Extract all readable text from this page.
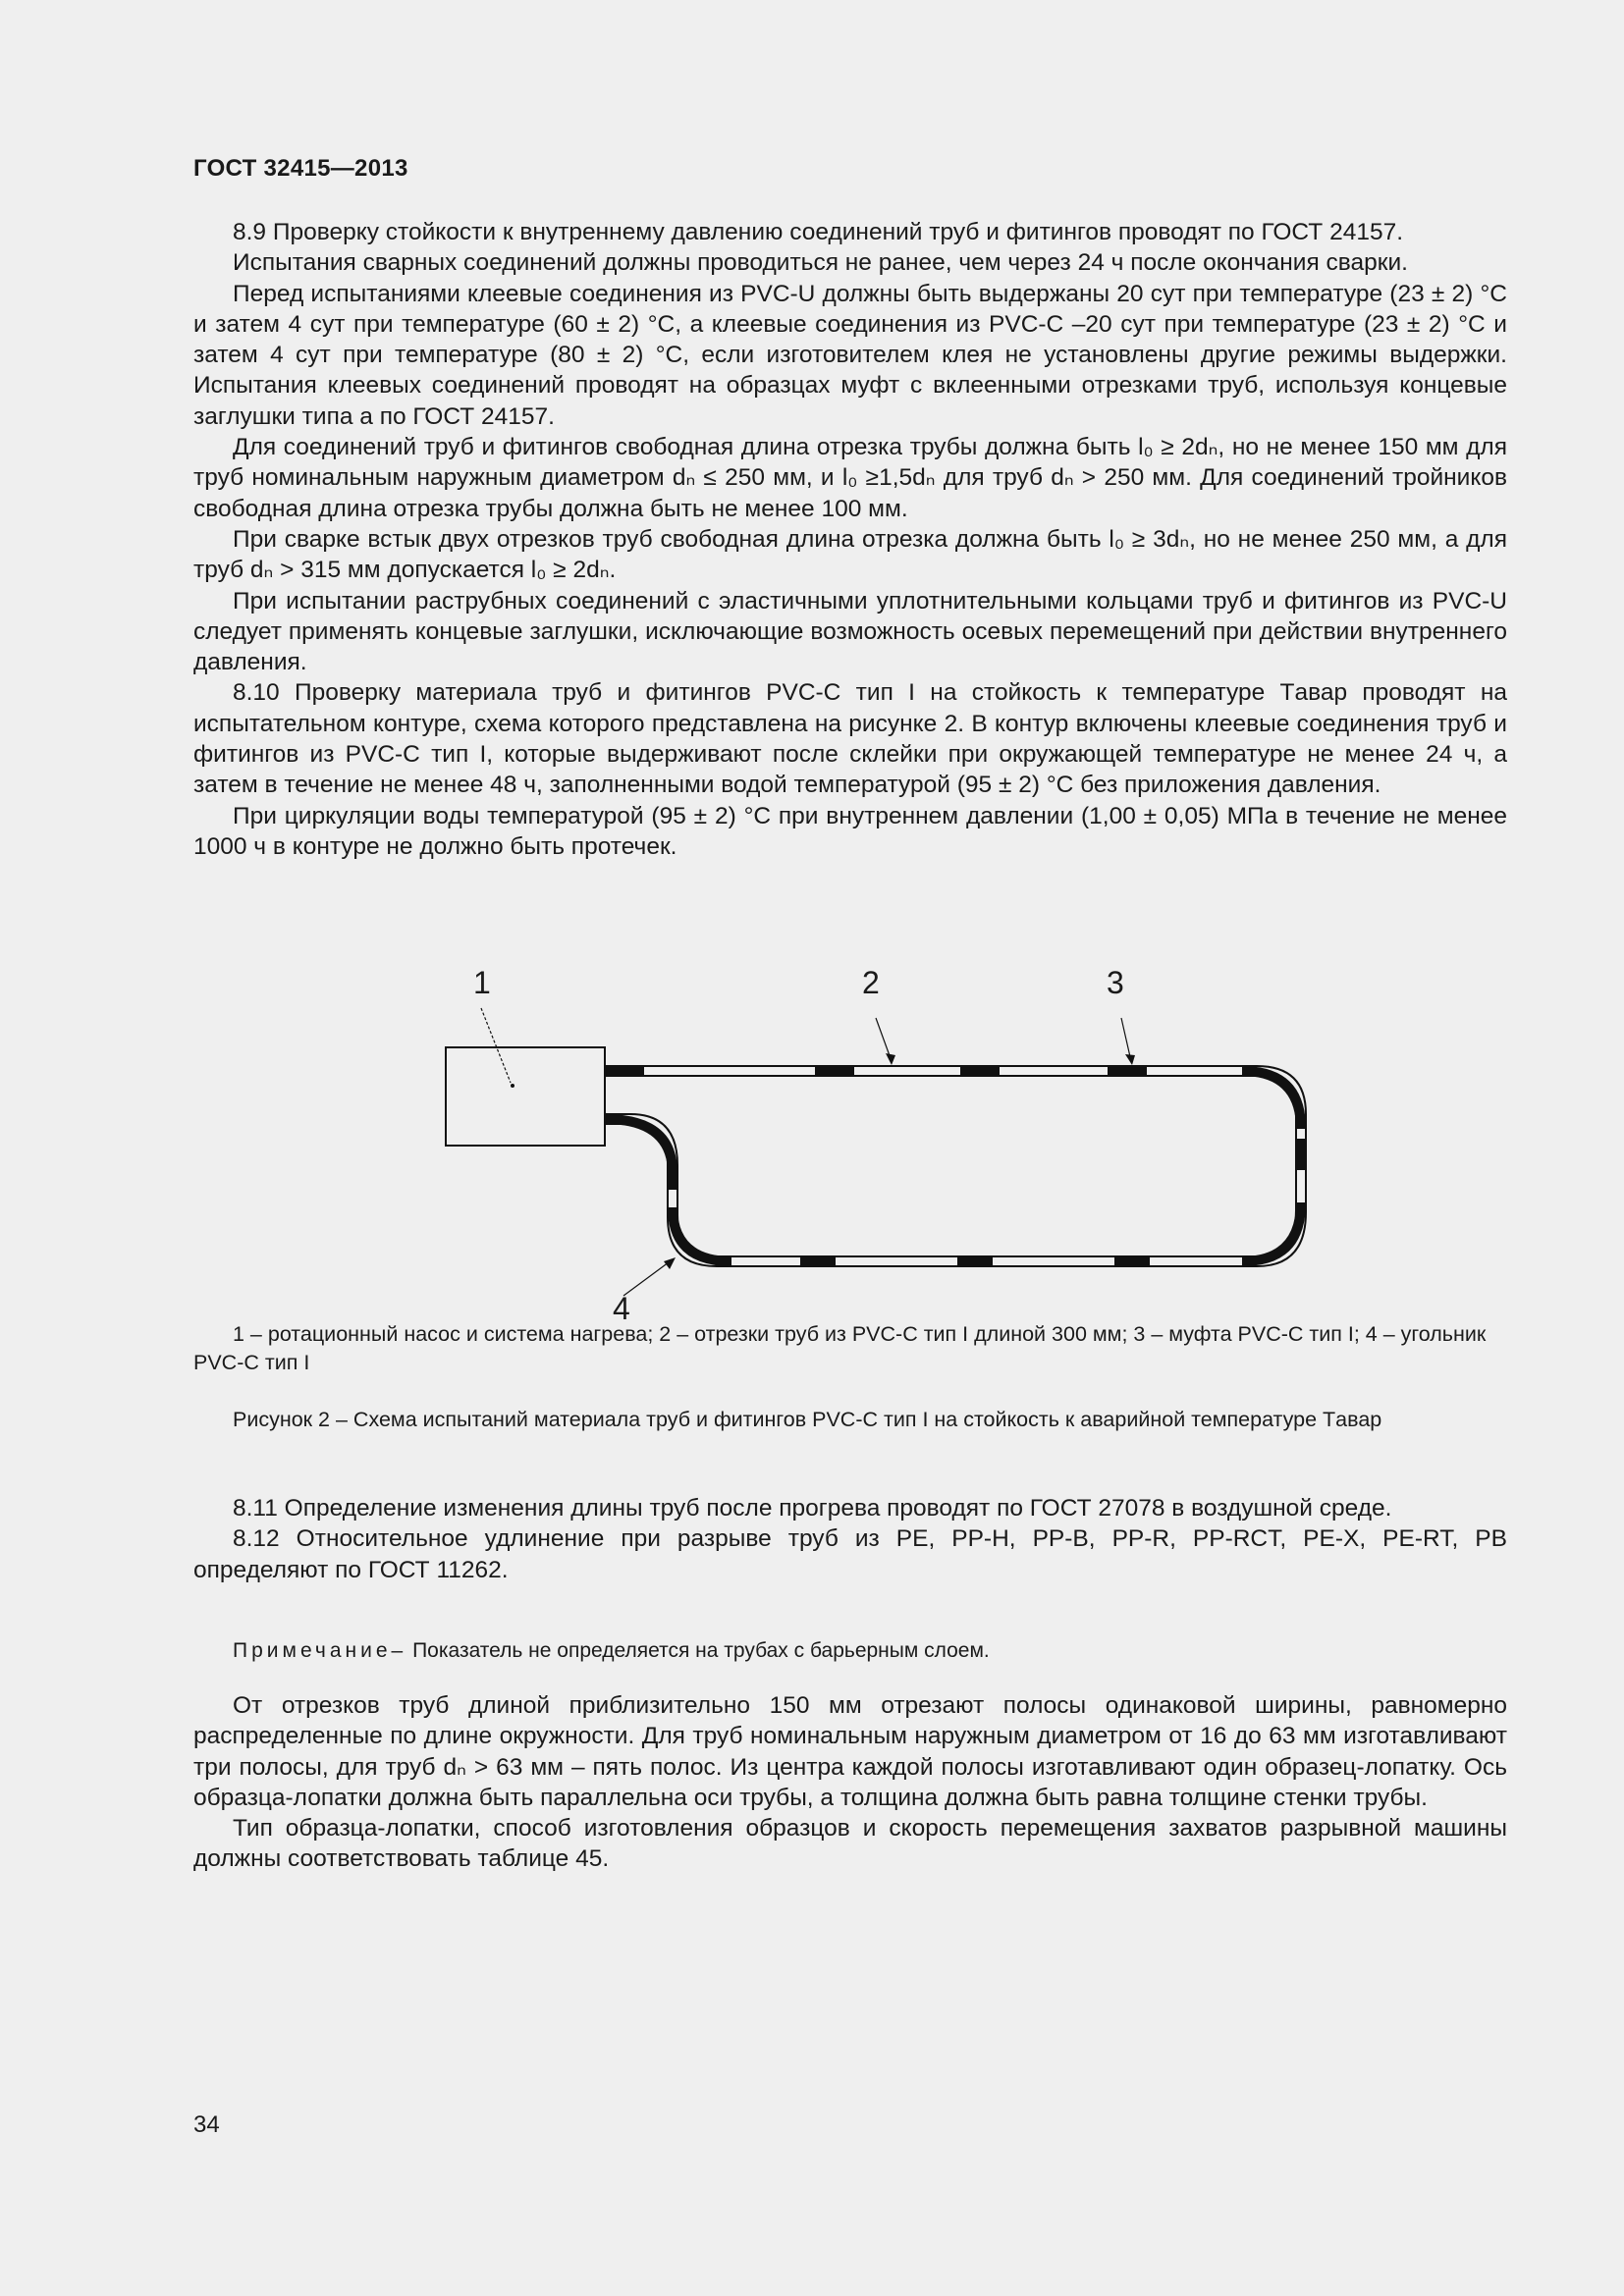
ГОСТ 32415—2013

8.9 Проверку стойкости к внутреннему давлению соединений труб и фитингов проводят по ГОСТ 24157.

Испытания сварных соединений должны проводиться не ранее, чем через 24 ч после окончания сварки.

Перед испытаниями клеевые соединения из PVC-U должны быть выдержаны 20 сут при температуре (23 ± 2) °C и затем 4 сут при температуре (60 ± 2) °C, а клеевые соединения из PVC-C –20 сут при температуре (23 ± 2) °C и затем 4 сут при температуре (80 ± 2) °C, если изготовителем клея не установлены другие режимы выдержки. Испытания клеевых соединений проводят на образцах муфт с вклеенными отрезками труб, используя концевые заглушки типа а по ГОСТ 24157.

Для соединений труб и фитингов свободная длина отрезка трубы должна быть l₀ ≥ 2dₙ, но не менее 150 мм для труб номинальным наружным диаметром dₙ ≤ 250 мм, и l₀ ≥1,5dₙ для труб dₙ > 250 мм. Для соединений тройников свободная длина отрезка трубы должна быть не менее 100 мм.

При сварке встык двух отрезков труб свободная длина отрезка должна быть l₀ ≥ 3dₙ, но не менее 250 мм, а для труб dₙ > 315 мм допускается l₀ ≥ 2dₙ.

При испытании раструбных соединений с эластичными уплотнительными кольцами труб и фитингов из PVC-U следует применять концевые заглушки, исключающие возможность осевых перемещений при действии внутреннего давления.

8.10 Проверку материала труб и фитингов PVC-C тип I на стойкость к температуре Tавар проводят на испытательном контуре, схема которого представлена на рисунке 2. В контур включены клеевые соединения труб и фитингов из PVC-C тип I, которые выдерживают после склейки при окружающей температуре не менее 24 ч, а затем в течение не менее 48 ч, заполненными водой температурой (95 ± 2) °C без приложения давления.

При циркуляции воды температурой (95 ± 2) °C при внутреннем давлении (1,00 ± 0,05) МПа в течение не менее 1000 ч в контуре не должно быть протечек.

1	2	3
4
1 – ротационный насос и система нагрева; 2 – отрезки труб из PVC-C тип I длиной 300 мм; 3 – муфта PVC-C тип I; 4 – угольник PVC-C тип I
Рисунок 2 – Схема испытаний материала труб и фитингов PVC-C тип I на стойкость к аварийной температуре Tавар

8.11 Определение изменения длины труб после прогрева проводят по ГОСТ 27078 в воздушной среде.

8.12 Относительное удлинение при разрыве труб из PE, PP-H, PP-B, PP-R, PP-RCT, PE-X, PE-RT, PB определяют по ГОСТ 11262.

Примечание– Показатель не определяется на трубах с барьерным слоем.

От отрезков труб длиной приблизительно 150 мм отрезают полосы одинаковой ширины, равномерно распределенные по длине окружности. Для труб номинальным наружным диаметром от 16 до 63 мм изготавливают три полосы, для труб dₙ > 63 мм – пять полос. Из центра каждой полосы изготавливают один образец-лопатку. Ось образца-лопатки должна быть параллельна оси трубы, а толщина должна быть равна толщине стенки трубы.

Тип образца-лопатки, способ изготовления образцов и скорость перемещения захватов разрывной машины должны соответствовать таблице 45.

34
